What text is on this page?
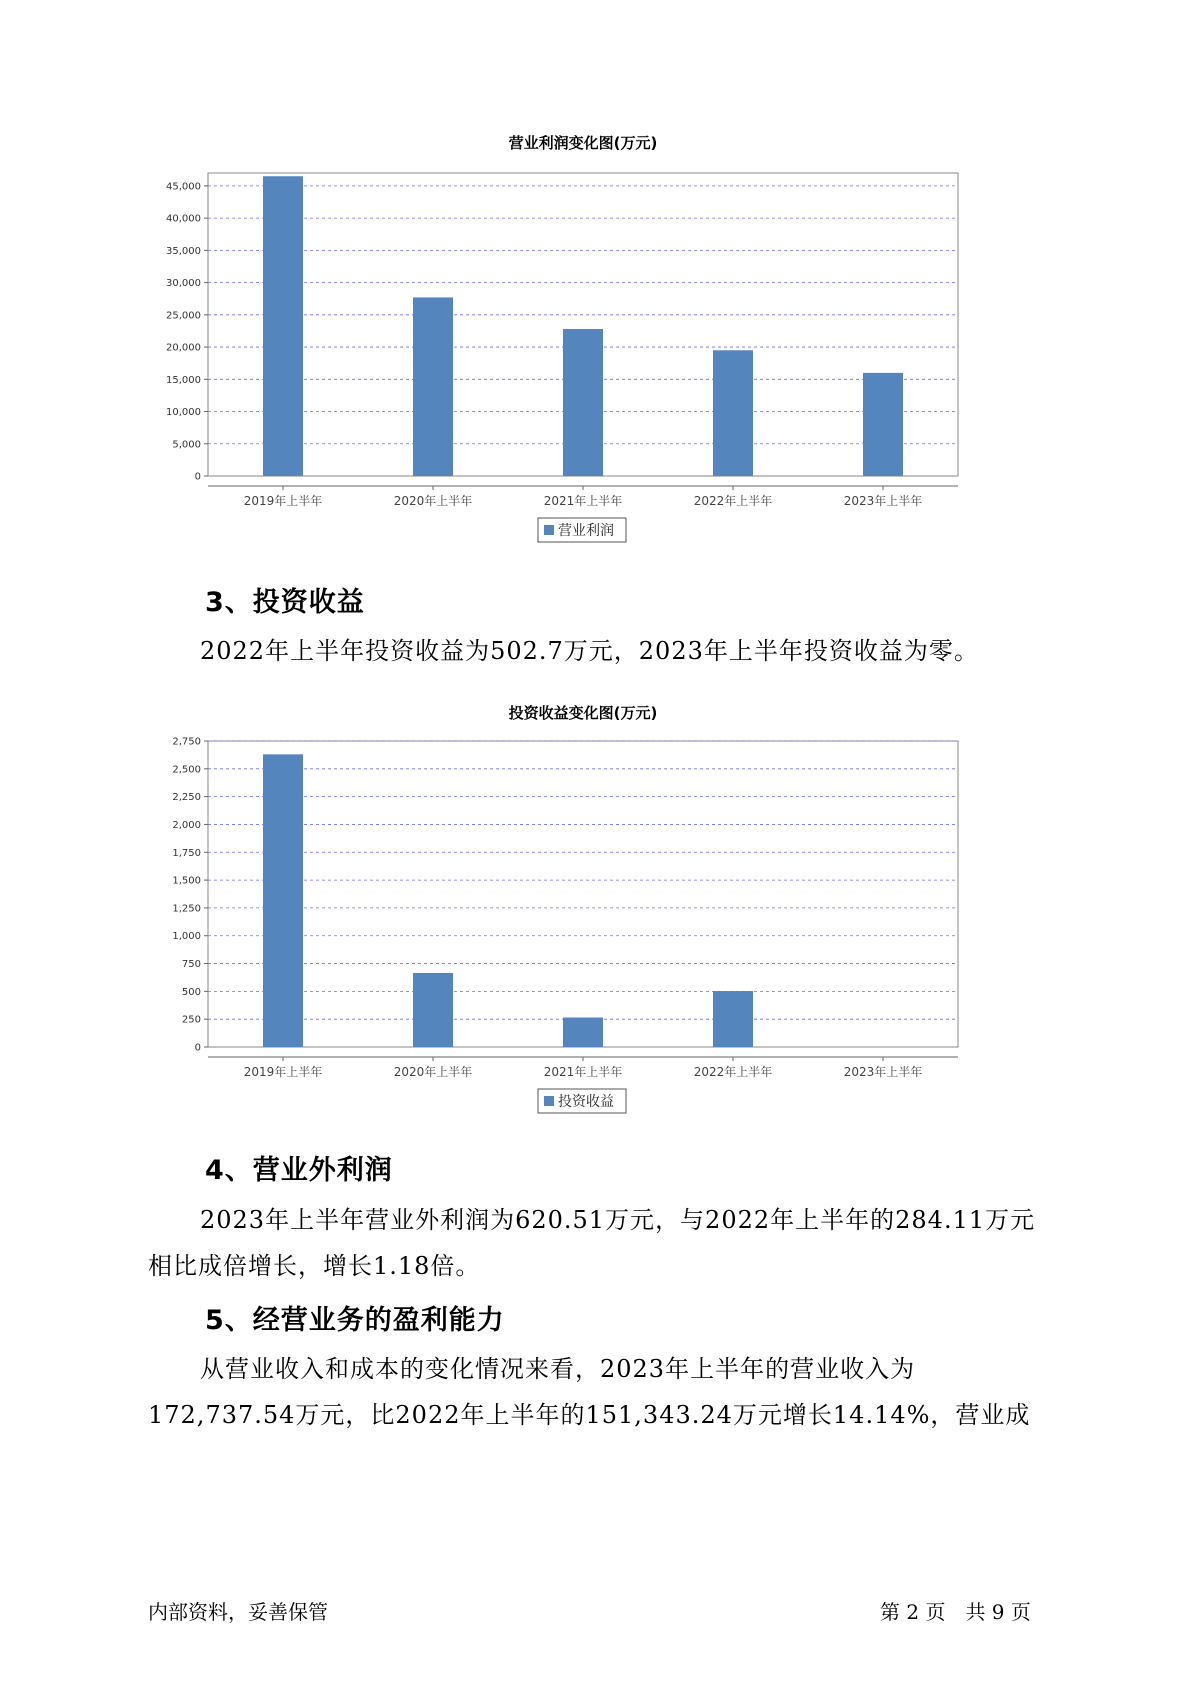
营业利润变化图(万元)
0
5,000
10,000
15,000
20,000
25,000
30,000
35,000
40,000
45,000
2019年上半年	2020年上半年	2021年上半年	2022年上半年	2023年上半年
营业利润
3、投资收益

2022年上半年投资收益为502.7万元，2023年上半年投资收益为零。

投资收益变化图(万元)
0
250
500
750
1,000
1,250
1,500
1,750
2,000
2,250
2,500
2,750
2019年上半年	2020年上半年	2021年上半年	2022年上半年	2023年上半年
投资收益
4、营业外利润

2023年上半年营业外利润为620.51万元，与2022年上半年的284.11万元相比成倍增长，增长1.18倍。

5、经营业务的盈利能力

从营业收入和成本的变化情况来看，2023年上半年的营业收入为172,737.54万元，比2022年上半年的151,343.24万元增长14.14%，营业成

内部资料，妥善保管	第 2 页　共 9 页
